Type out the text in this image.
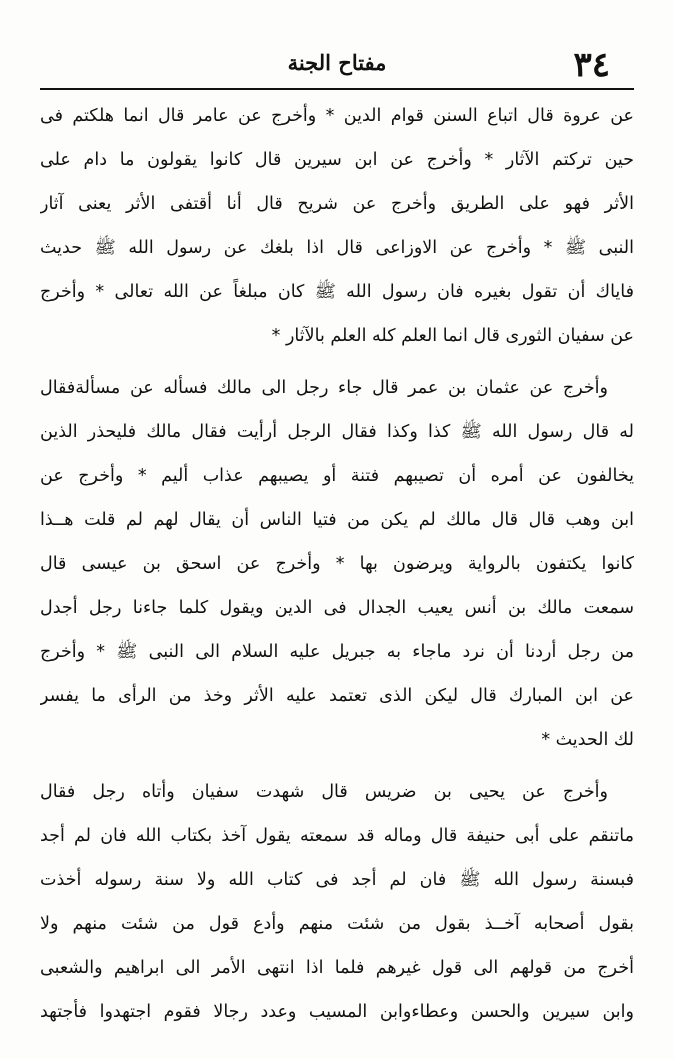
٣٤
مفتاح الجنة
عن عروة قال اتباع السنن قوام الدين * وأخرج عن عامر قال انما هلكتم فى
حين تركتم الآثار * وأخرج عن ابن سيرين قال كانوا يقولون ما دام على
الأثر فهو على الطريق وأخرج عن شريح قال أنا أقتفى الأثر يعنى آثار
النبى ﷺ * وأخرج عن الاوزاعى قال اذا بلغك عن رسول الله ﷺ حديث
فاياك أن تقول بغيره فان رسول الله ﷺ كان مبلغاً عن الله تعالى * وأخرج
عن سفيان الثورى قال انما العلم كله العلم بالآثار *
وأخرج عن عثمان بن عمر قال جاء رجل الى مالك فسأله عن مسألةفقال
له قال رسول الله ﷺ كذا وكذا فقال الرجل أرأيت فقال مالك فليحذر الذين
يخالفون عن أمره أن تصيبهم فتنة أو يصيبهم عذاب أليم * وأخرج عن
ابن وهب قال قال مالك لم يكن من فتيا الناس أن يقال لهم لم قلت هــذا
كانوا يكتفون بالرواية ويرضون بها * وأخرج عن اسحق بن عيسى قال
سمعت مالك بن أنس يعيب الجدال فى الدين ويقول كلما جاءنا رجل أجدل
من رجل أردنا أن نرد ماجاء به جبريل عليه السلام الى النبى ﷺ * وأخرج
عن ابن المبارك قال ليكن الذى تعتمد عليه الأثر وخذ من الرأى ما يفسر
لك الحديث *
وأخرج عن يحيى بن ضريس قال شهدت سفيان وأتاه رجل فقال
ماتنقم على أبى حنيفة قال وماله قد سمعته يقول آخذ بكتاب الله فان لم أجد
فبسنة رسول الله ﷺ فان لم أجد فى كتاب الله ولا سنة رسوله أخذت
بقول أصحابه آخــذ بقول من شئت منهم وأدع قول من شئت منهم ولا
أخرج من قولهم الى قول غيرهم فلما اذا انتهى الأمر الى ابراهيم والشعبى
وابن سيرين والحسن وعطاءوابن المسيب وعدد رجالا فقوم اجتهدوا فأجتهد
